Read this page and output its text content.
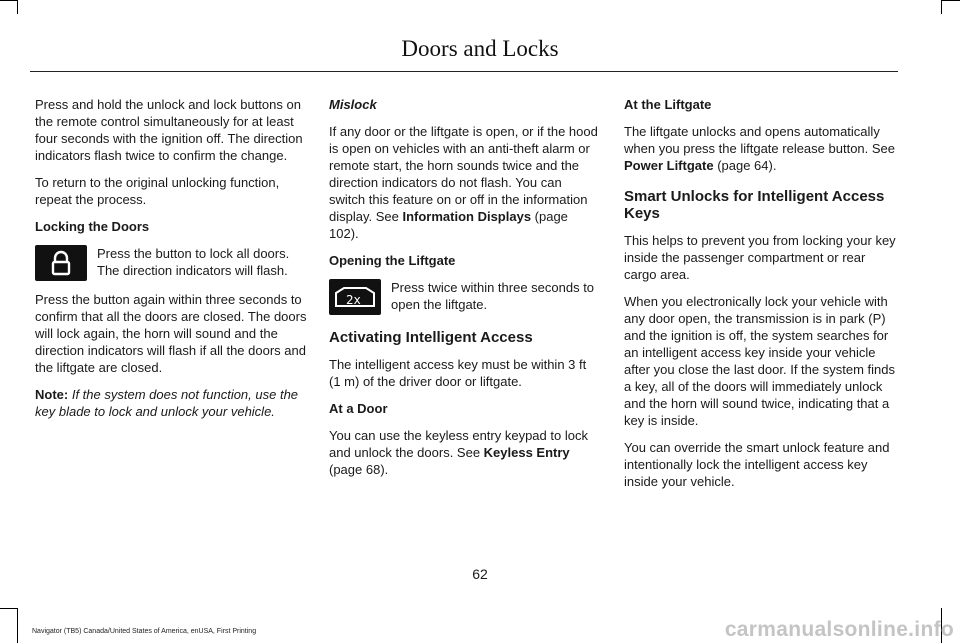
Doors and Locks

Press and hold the unlock and lock buttons on the remote control simultaneously for at least four seconds with the ignition off. The direction indicators flash twice to confirm the change.

To return to the original unlocking function, repeat the process.

Locking the Doors
Press the button to lock all doors. The direction indicators will flash.

Press the button again within three seconds to confirm that all the doors are closed. The doors will lock again, the horn will sound and the direction indicators will flash if all the doors and the liftgate are closed.

Note: If the system does not function, use the key blade to lock and unlock your vehicle.

Mislock

If any door or the liftgate is open, or if the hood is open on vehicles with an anti-theft alarm or remote start, the horn sounds twice and the direction indicators do not flash. You can switch this feature on or off in the information display. See Information Displays (page 102).

Opening the Liftgate
2x
Press twice within three seconds to open the liftgate.
Activating Intelligent Access

The intelligent access key must be within 3 ft (1 m) of the driver door or liftgate.

At a Door

You can use the keyless entry keypad to lock and unlock the doors. See Keyless Entry (page 68).

At the Liftgate

The liftgate unlocks and opens automatically when you press the liftgate release button. See Power Liftgate (page 64).

Smart Unlocks for Intelligent Access Keys

This helps to prevent you from locking your key inside the passenger compartment or rear cargo area.

When you electronically lock your vehicle with any door open, the transmission is in park (P) and the ignition is off, the system searches for an intelligent access key inside your vehicle after you close the last door. If the system finds a key, all of the doors will immediately unlock and the horn will sound twice, indicating that a key is inside.

You can override the smart unlock feature and intentionally lock the intelligent access key inside your vehicle.

62
Navigator (TB5) Canada/United States of America, enUSA, First Printing	carmanualsonline.info
